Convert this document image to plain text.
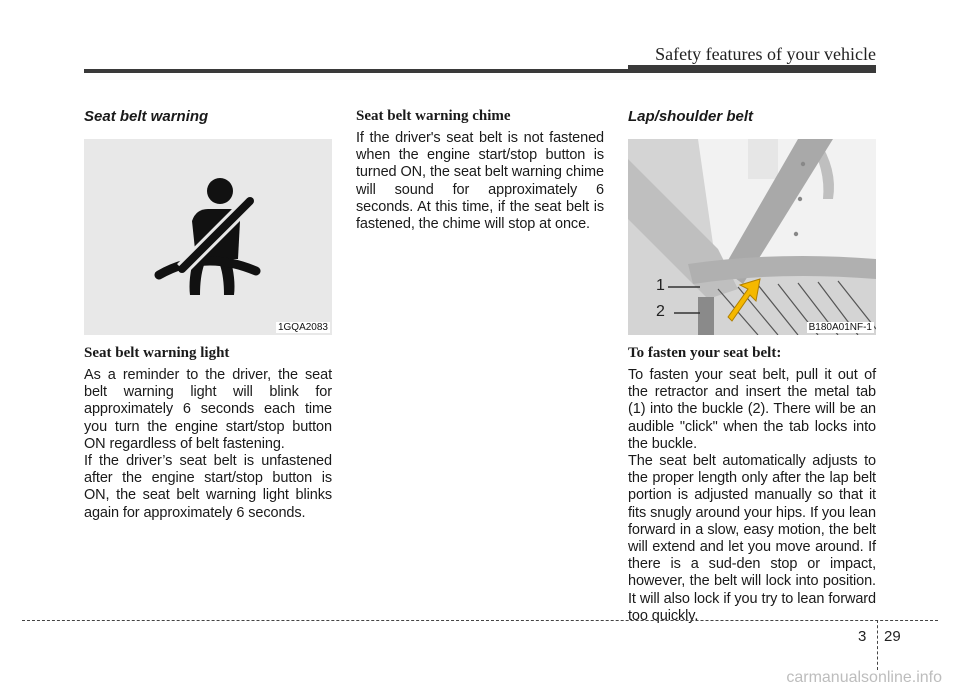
Safety features of your vehicle
Seat belt warning
1GQA2083
Seat belt warning light

As a reminder to the driver, the seat belt warning light will blink for approximately 6 seconds each time you turn the engine start/stop button ON regardless of belt fastening.

If the driver’s seat belt is unfastened after the engine start/stop button is ON, the seat belt warning light blinks again for approximately 6 seconds.

Seat belt warning chime

If the driver's seat belt is not fastened when the engine start/stop button is turned ON, the seat belt warning chime will sound for approximately 6 seconds. At this time, if the seat belt is fastened, the chime will stop at once.

Lap/shoulder belt
1
2
B180A01NF-1
To fasten your seat belt:

To fasten your seat belt, pull it out of the retractor and insert the metal tab (1) into the buckle (2). There will be an audible "click" when the tab locks into the buckle.

The seat belt automatically adjusts to the proper length only after the lap belt portion is adjusted manually so that it fits snugly around your hips. If you lean forward in a slow, easy motion, the belt will extend and let you move around. If there is a sud-den stop or impact, however, the belt will lock into position. It will also lock if you try to lean forward too quickly.

3 29
carmanualsonline.info
